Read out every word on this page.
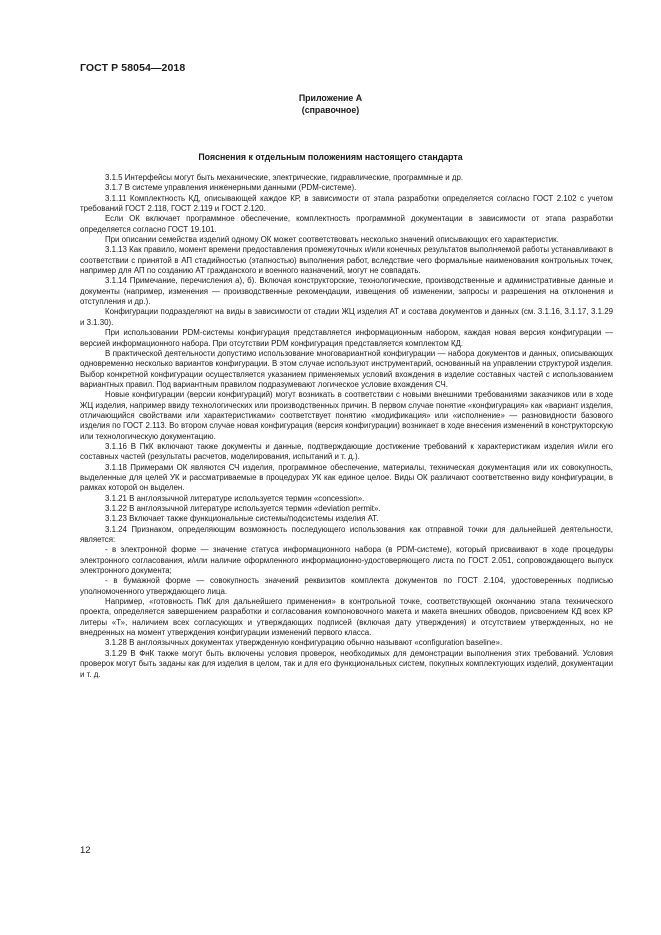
ГОСТ Р 58054—2018
Приложение А
(справочное)
Пояснения к отдельным положениям настоящего стандарта

3.1.5 Интерфейсы могут быть механические, электрические, гидравлические, программные и др.

3.1.7 В системе управления инженерными данными (PDM-системе).

3.1.11 Комплектность КД, описывающей каждое КР, в зависимости от этапа разработки определяется согласно ГОСТ 2.102 с учетом требований ГОСТ 2.118, ГОСТ 2.119 и ГОСТ 2.120.

Если ОК включает программное обеспечение, комплектность программной документации в зависимости от этапа разработки определяется согласно ГОСТ 19.101.

При описании семейства изделий одному ОК может соответствовать несколько значений описывающих его характеристик.

3.1.13 Как правило, момент времени предоставления промежуточных и/или конечных результатов выполняемой работы устанавливают в соответствии с принятой в АП стадийностью (этапностью) выполнения работ, вследствие чего формальные наименования контрольных точек, например для АП по созданию АТ гражданского и военного назначений, могут не совпадать.

3.1.14 Примечание, перечисления а), б). Включая конструкторские, технологические, производственные и административные данные и документы (например, изменения — производственные рекомендации, извещения об изменении, запросы и разрешения на отклонения и отступления и др.).

Конфигурации подразделяют на виды в зависимости от стадии ЖЦ изделия АТ и состава документов и данных (см. 3.1.16, 3.1.17, 3.1.29 и 3.1.30).

При использовании PDM-системы конфигурация представляется информационным набором, каждая новая версия конфигурации — версией информационного набора. При отсутствии PDM конфигурация представляется комплектом КД.

В практической деятельности допустимо использование многовариантной конфигурации — набора документов и данных, описывающих одновременно несколько вариантов конфигурации. В этом случае используют инструментарий, основанный на управлении структурой изделия. Выбор конкретной конфигурации осуществляется указанием применяемых условий вхождения в изделие составных частей с использованием вариантных правил. Под вариантным правилом подразумевают логическое условие вхождения СЧ.

Новые конфигурации (версии конфигураций) могут возникать в соответствии с новыми внешними требованиями заказчиков или в ходе ЖЦ изделия, например ввиду технологических или производственных причин. В первом случае понятие «конфигурация» как «вариант изделия, отличающийся свойствами или характеристиками» соответствует понятию «модификация» или «исполнение» — разновидности базового изделия по ГОСТ 2.113. Во втором случае новая конфигурация (версия конфигурации) возникает в ходе внесения изменений в конструкторскую или технологическую документацию.

3.1.16 В ПкК включают также документы и данные, подтверждающие достижение требований к характеристикам изделия и/или его составных частей (результаты расчетов, моделирования, испытаний и т. д.).

3.1.18 Примерами ОК являются СЧ изделия, программное обеспечение, материалы, техническая документация или их совокупность, выделенные для целей УК и рассматриваемые в процедурах УК как единое целое. Виды ОК различают соответственно виду конфигурации, в рамках которой он выделен.

3.1.21 В англоязычной литературе используется термин «concession».

3.1.22 В англоязычной литературе используется термин «deviation permit».

3.1.23 Включает также функциональные системы/подсистемы изделия АТ.

3.1.24 Признаком, определяющим возможность последующего использования как отправной точки для дальнейшей деятельности, является:

- в электронной форме — значение статуса информационного набора (в PDM-системе), который присваивают в ходе процедуры электронного согласования, и/или наличие оформленного информационно-удостоверяющего листа по ГОСТ 2.051, сопровождающего выпуск электронного документа;

- в бумажной форме — совокупность значений реквизитов комплекта документов по ГОСТ 2.104, удостоверенных подписью уполномоченного утверждающего лица.

Например, «готовность ПкК для дальнейшего применения» в контрольной точке, соответствующей окончанию этапа технического проекта, определяется завершением разработки и согласования компоновочного макета и макета внешних обводов, присвоением КД всех КР литеры «Т», наличием всех согласующих и утверждающих подписей (включая дату утверждения) и отсутствием утвержденных, но не внедренных на момент утверждения конфигурации изменений первого класса.

3.1.28 В англоязычных документах утвержденную конфигурацию обычно называют «configuration baseline».

3.1.29 В ФнК также могут быть включены условия проверок, необходимых для демонстрации выполнения этих требований. Условия проверок могут быть заданы как для изделия в целом, так и для его функциональных систем, покупных комплектующих изделий, документации и т. д.

12
